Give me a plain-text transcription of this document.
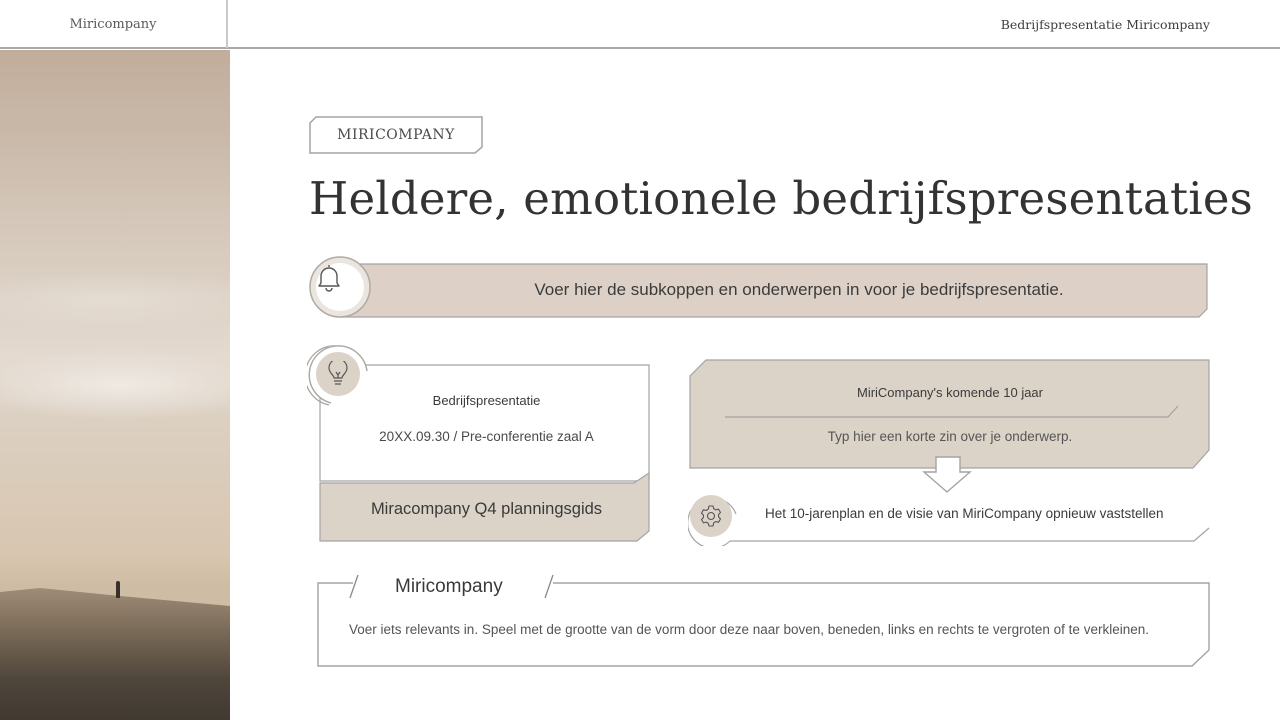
Miricompany	Bedrijfspresentatie Miricompany
MIRICOMPANY
Heldere, emotionele bedrijfspresentaties
Voer hier de subkoppen en onderwerpen in voor je bedrijfspresentatie.
Bedrijfspresentatie
20XX.09.30 / Pre-conferentie zaal A
Miracompany Q4 planningsgids
MiriCompany's komende 10 jaar
Typ hier een korte zin over je onderwerp.
Het 10-jarenplan en de visie van MiriCompany opnieuw vaststellen
Miricompany
Voer iets relevants in. Speel met de grootte van de vorm door deze naar boven, beneden, links en rechts te vergroten of te verkleinen.
